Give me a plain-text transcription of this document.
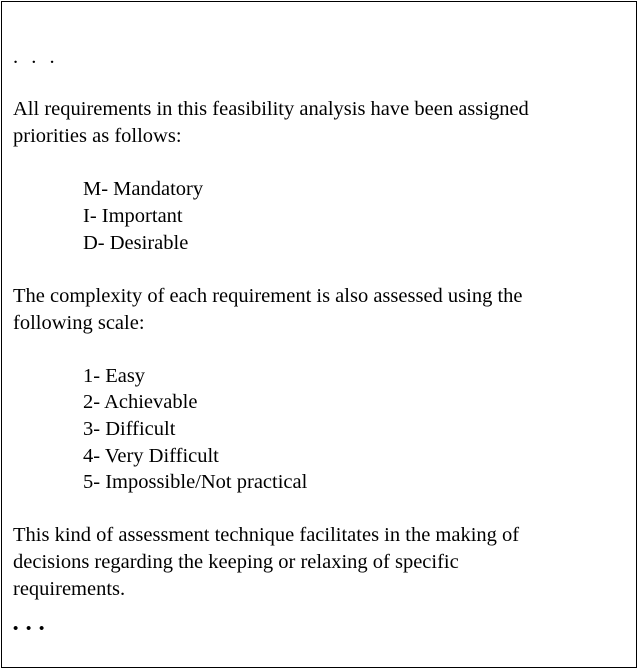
. . .
All requirements in this feasibility analysis have been assigned
priorities as follows:
M- Mandatory
I- Important
D- Desirable
The complexity of each requirement is also assessed using the
following scale:
1- Easy
2- Achievable
3- Difficult
4- Very Difficult
5- Impossible/Not practical
This kind of assessment technique facilitates in the making of
decisions regarding the keeping or relaxing of specific
requirements.
• • •
